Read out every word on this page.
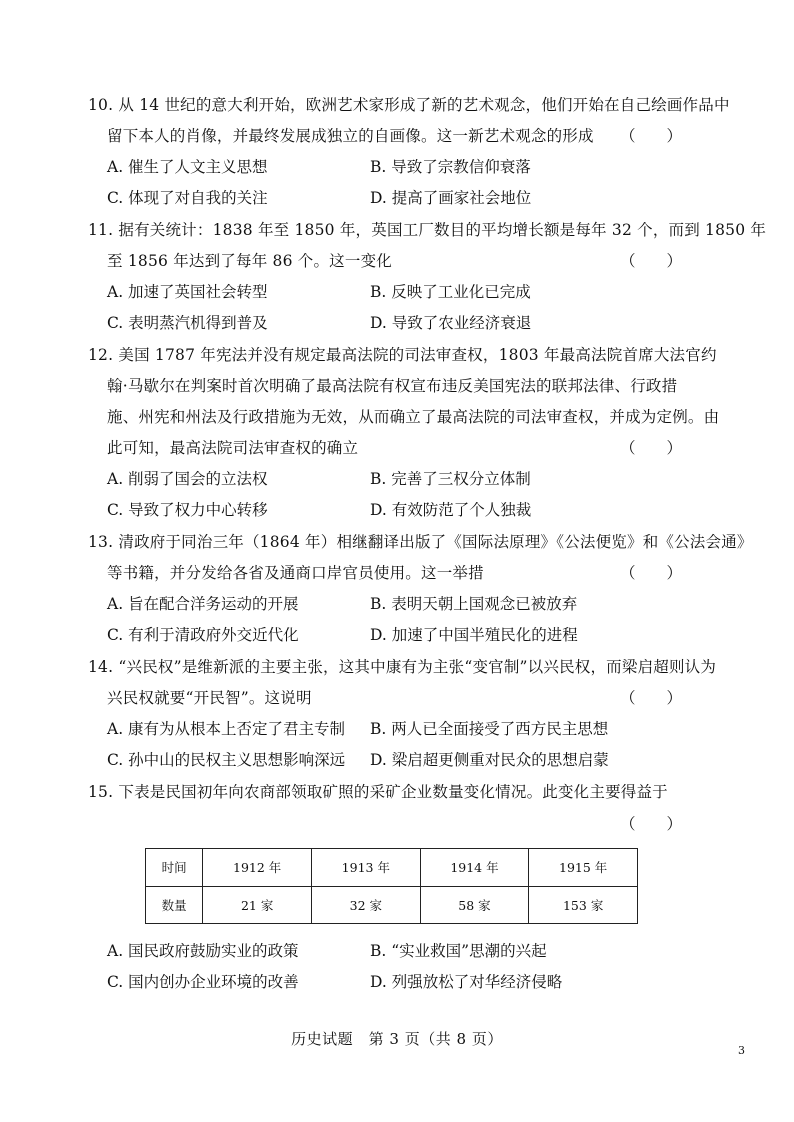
10. 从 14 世纪的意大利开始，欧洲艺术家形成了新的艺术观念，他们开始在自己绘画作品中
留下本人的肖像，并最终发展成独立的自画像。这一新艺术观念的形成 （　　）
A. 催生了人文主义思想	B. 导致了宗教信仰衰落
C. 体现了对自我的关注	D. 提高了画家社会地位
11. 据有关统计：1838 年至 1850 年，英国工厂数目的平均增长额是每年 32 个，而到 1850 年
至 1856 年达到了每年 86 个。这一变化	（　　）
A. 加速了英国社会转型	B. 反映了工业化已完成
C. 表明蒸汽机得到普及	D. 导致了农业经济衰退
12. 美国 1787 年宪法并没有规定最高法院的司法审查权，1803 年最高法院首席大法官约
翰·马歇尔在判案时首次明确了最高法院有权宣布违反美国宪法的联邦法律、行政措
施、州宪和州法及行政措施为无效，从而确立了最高法院的司法审查权，并成为定例。由
此可知，最高法院司法审查权的确立	（　　）
A. 削弱了国会的立法权	B. 完善了三权分立体制
C. 导致了权力中心转移	D. 有效防范了个人独裁
13. 清政府于同治三年（1864 年）相继翻译出版了《国际法原理》《公法便览》和《公法会通》
等书籍，并分发给各省及通商口岸官员使用。这一举措	（　　）
A. 旨在配合洋务运动的开展	B. 表明天朝上国观念已被放弃
C. 有利于清政府外交近代化	D. 加速了中国半殖民化的进程
14. “兴民权”是维新派的主要主张，这其中康有为主张“变官制”以兴民权，而梁启超则认为
兴民权就要“开民智”。这说明	（　　）
A. 康有为从根本上否定了君主专制 B. 两人已全面接受了西方民主思想
C. 孙中山的民权主义思想影响深远 D. 梁启超更侧重对民众的思想启蒙
15. 下表是民国初年向农商部领取矿照的采矿企业数量变化情况。此变化主要得益于
（　　）
时间	1912 年	1913 年	1914 年	1915 年
数量	21 家	32 家	58 家	153 家
A. 国民政府鼓励实业的政策	B. “实业救国”思潮的兴起
C. 国内创办企业环境的改善	D. 列强放松了对华经济侵略
历史试题　第 3 页（共 8 页）
3
